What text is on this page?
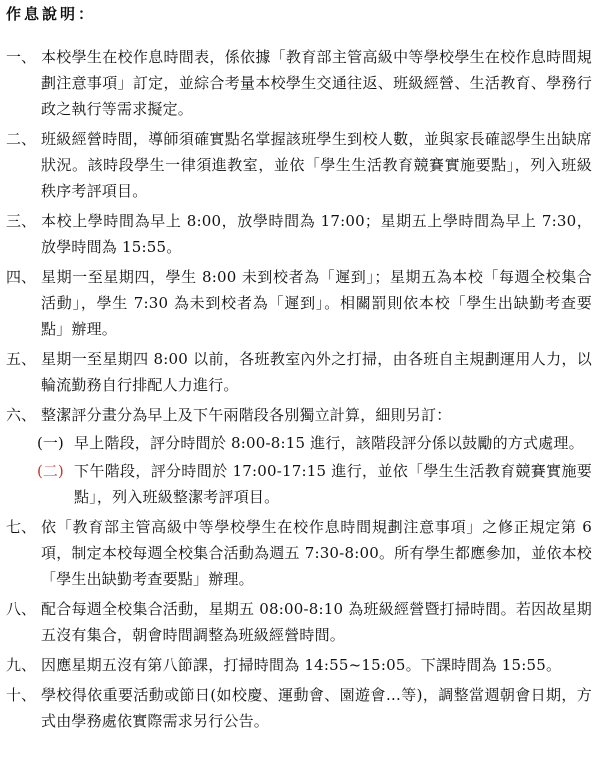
作息說明：
一、 本校學生在校作息時間表，係依據「教育部主管高級中等學校學生在校作息時間規劃注意事項」訂定，並綜合考量本校學生交通往返、班級經營、生活教育、學務行政之執行等需求擬定。
二、 班級經營時間，導師須確實點名掌握該班學生到校人數，並與家長確認學生出缺席狀況。該時段學生一律須進教室，並依「學生生活教育競賽實施要點」，列入班級秩序考評項目。
三、 本校上學時間為早上 8:00，放學時間為 17:00；星期五上學時間為早上 7:30，放學時間為 15:55。
四、 星期一至星期四，學生 8:00 未到校者為「遲到」；星期五為本校「每週全校集合活動」，學生 7:30 為未到校者為「遲到」。相關罰則依本校「學生出缺勤考查要點」辦理。
五、 星期一至星期四 8:00 以前，各班教室內外之打掃，由各班自主規劃運用人力，以輪流勤務自行排配人力進行。
六、 整潔評分畫分為早上及下午兩階段各別獨立計算，細則另訂：
(一) 早上階段，評分時間於 8:00-8:15 進行，該階段評分係以鼓勵的方式處理。
(二) 下午階段，評分時間於 17:00-17:15 進行，並依「學生生活教育競賽實施要點」，列入班級整潔考評項目。
七、 依「教育部主管高級中等學校學生在校作息時間規劃注意事項」之修正規定第 6 項，制定本校每週全校集合活動為週五 7:30-8:00。所有學生都應參加，並依本校「學生出缺勤考查要點」辦理。
八、 配合每週全校集合活動，星期五 08:00-8:10 為班級經營暨打掃時間。若因故星期五沒有集合，朝會時間調整為班級經營時間。
九、 因應星期五沒有第八節課，打掃時間為 14:55~15:05。下課時間為 15:55。
十、 學校得依重要活動或節日(如校慶、運動會、園遊會…等)，調整當週朝會日期，方式由學務處依實際需求另行公告。
